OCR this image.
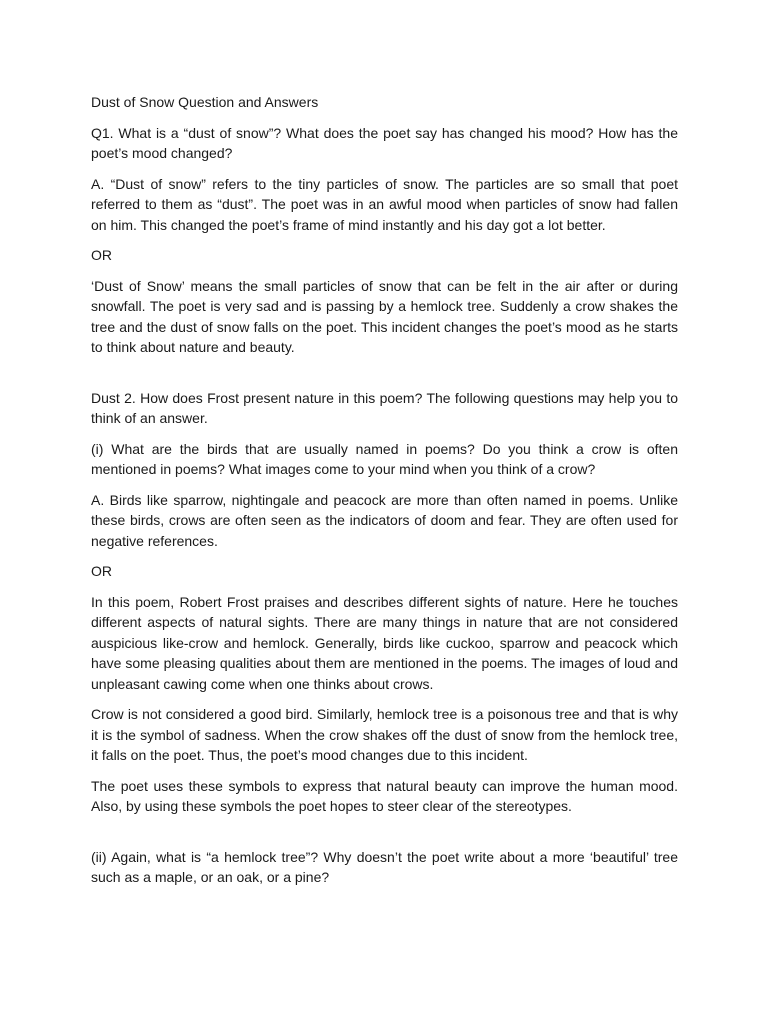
Dust of Snow Question and Answers

Q1. What is a “dust of snow”? What does the poet say has changed his mood? How has the poet’s mood changed?

A. “Dust of snow” refers to the tiny particles of snow. The particles are so small that poet referred to them as “dust”. The poet was in an awful mood when particles of snow had fallen on him. This changed the poet’s frame of mind instantly and his day got a lot better.

OR

‘Dust of Snow’ means the small particles of snow that can be felt in the air after or during snowfall. The poet is very sad and is passing by a hemlock tree. Suddenly a crow shakes the tree and the dust of snow falls on the poet. This incident changes the poet’s mood as he starts to think about nature and beauty.

Dust 2. How does Frost present nature in this poem? The following questions may help you to think of an answer.

(i) What are the birds that are usually named in poems? Do you think a crow is often mentioned in poems? What images come to your mind when you think of a crow?

A. Birds like sparrow, nightingale and peacock are more than often named in poems. Unlike these birds, crows are often seen as the indicators of doom and fear. They are often used for negative references.

OR

In this poem, Robert Frost praises and describes different sights of nature. Here he touches different aspects of natural sights. There are many things in nature that are not considered auspicious like-crow and hemlock. Generally, birds like cuckoo, sparrow and peacock which have some pleasing qualities about them are mentioned in the poems. The images of loud and unpleasant cawing come when one thinks about crows.

Crow is not considered a good bird. Similarly, hemlock tree is a poisonous tree and that is why it is the symbol of sadness. When the crow shakes off the dust of snow from the hemlock tree, it falls on the poet. Thus, the poet’s mood changes due to this incident.

The poet uses these symbols to express that natural beauty can improve the human mood. Also, by using these symbols the poet hopes to steer clear of the stereotypes.

(ii) Again, what is “a hemlock tree”? Why doesn’t the poet write about a more ‘beautiful’ tree such as a maple, or an oak, or a pine?
